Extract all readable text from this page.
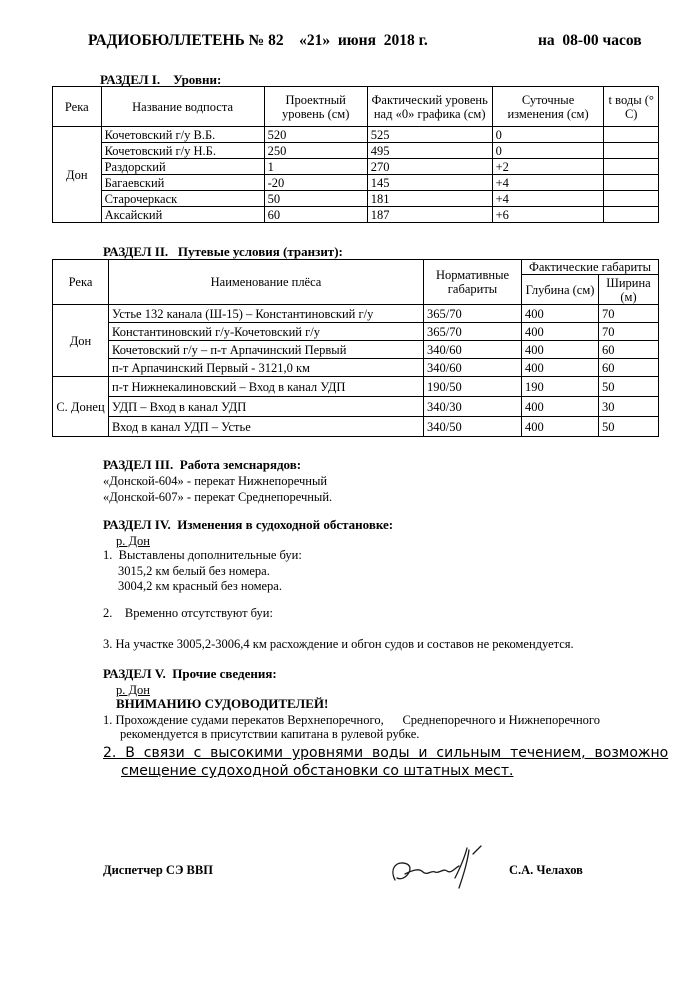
РАДИОБЮЛЛЕТЕНЬ № 82    «21»  июня  2018 г.	на  08-00 часов
РАЗДЕЛ I.    Уровни:
Река	Название водпоста	Проектный уровень (см)	Фактический уровень над «0» графика (см)	Суточные изменения (см)	t воды (° С)
Дон	Кочетовский г/у В.Б.	520	525	0	
	Кочетовский г/у Н.Б.	250	495	0	
	Раздорский	1	270	+2	
	Багаевский	-20	145	+4	
	Старочеркаск	50	181	+4	
	Аксайский	60	187	+6	
РАЗДЕЛ II.   Путевые условия (транзит):
Река	Наименование плёса	Нормативные габариты	Фактические габариты	
			Глубина (см)	Ширина (м)
Дон	Устье 132 канала (Ш-15) – Константиновский г/у	365/70	400	70
	Константиновский г/у-Кочетовский г/у	365/70	400	70
	Кочетовский г/у – п-т Арпачинский Первый	340/60	400	60
	п-т Арпачинский Первый - 3121,0 км	340/60	400	60
С. Донец	п-т Нижнекалиновский – Вход в канал УДП	190/50	190	50
	УДП – Вход в канал УДП	340/30	400	30
	Вход в канал УДП – Устье	340/50	400	50
РАЗДЕЛ III.  Работа земснарядов:
«Донской-604» - перекат Нижнепоречный
«Донской-607» - перекат Среднепоречный.
РАЗДЕЛ IV.  Изменения в судоходной обстановке:
р. Дон
1.  Выставлены дополнительные буи:
3015,2 км белый без номера.
3004,2 км красный без номера.
2.    Временно отсутствуют буи:
3. На участке 3005,2-3006,4 км расхождение и обгон судов и составов не рекомендуется.
РАЗДЕЛ V.  Прочие сведения:
р. Дон
ВНИМАНИЮ СУДОВОДИТЕЛЕЙ!
1. Прохождение судами перекатов Верхнепоречного,      Среднепоречного и Нижнепоречного
рекомендуется в присутствии капитана в рулевой рубке.
2.  В  связи  с  высокими  уровнями  воды  и  сильным  течением,  возможно
смещение судоходной обстановки со штатных мест.
Диспетчер СЭ ВВП	С.А. Челахов
